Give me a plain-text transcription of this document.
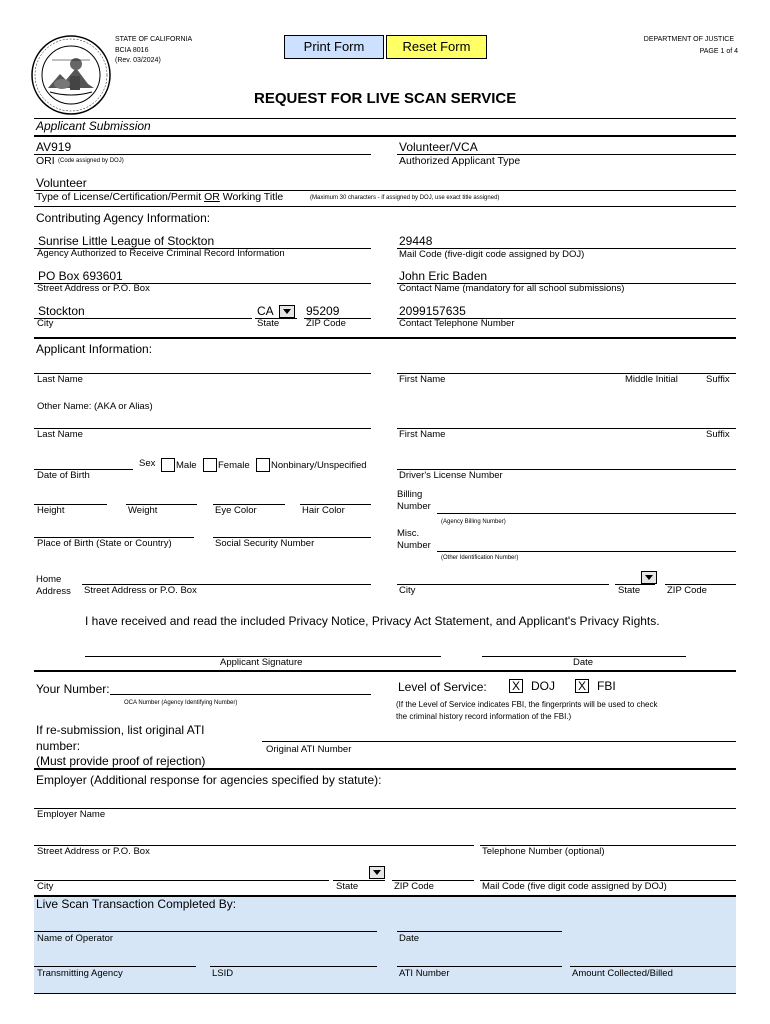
STATE OF CALIFORNIA
BCIA 8016
(Rev. 03/2024)
Print Form	Reset Form	DEPARTMENT OF JUSTICE
PAGE 1 of 4
REQUEST FOR LIVE SCAN SERVICE
Applicant Submission
AV919
ORI (Code assigned by DOJ)
Volunteer/VCA
Authorized Applicant Type
Volunteer
Type of License/Certification/Permit OR Working Title	(Maximum 30 characters - if assigned by DOJ, use exact title assigned)
Contributing Agency Information:
Sunrise Little League of Stockton
Agency Authorized to Receive Criminal Record Information
29448
Mail Code (five-digit code assigned by DOJ)
PO Box 693601
Street Address or P.O. Box
John Eric Baden
Contact Name (mandatory for all school submissions)
Stockton
City
CA
State
95209
ZIP Code
2099157635
Contact Telephone Number
Applicant Information:
Last Name	First Name	Middle Initial	Suffix
Other Name: (AKA or Alias)
Last Name	First Name	Suffix
Date of Birth
Sex Male Female Nonbinary/Unspecified
Driver's License Number
Height	Weight	Eye Color	Hair Color
Billing
Number
(Agency Billing Number)
Place of Birth (State or Country)	Social Security Number
Misc.
Number
(Other Identification Number)
Home
Address Street Address or P.O. Box	City	State	ZIP Code
I have received and read the included Privacy Notice, Privacy Act Statement, and Applicant's Privacy Rights.
Applicant Signature	Date
Your Number:
OCA Number (Agency Identifying Number)
Level of Service: X DOJ X FBI
(If the Level of Service indicates FBI, the fingerprints will be used to check
the criminal history record information of the FBI.)
If re-submission, list original ATI
number:	Original ATI Number
(Must provide proof of rejection)
Employer (Additional response for agencies specified by statute):
Employer Name
Street Address or P.O. Box	Telephone Number (optional)
City	State	ZIP Code	Mail Code (five digit code assigned by DOJ)
Live Scan Transaction Completed By:
Name of Operator	Date
Transmitting Agency	LSID	ATI Number	Amount Collected/Billed
